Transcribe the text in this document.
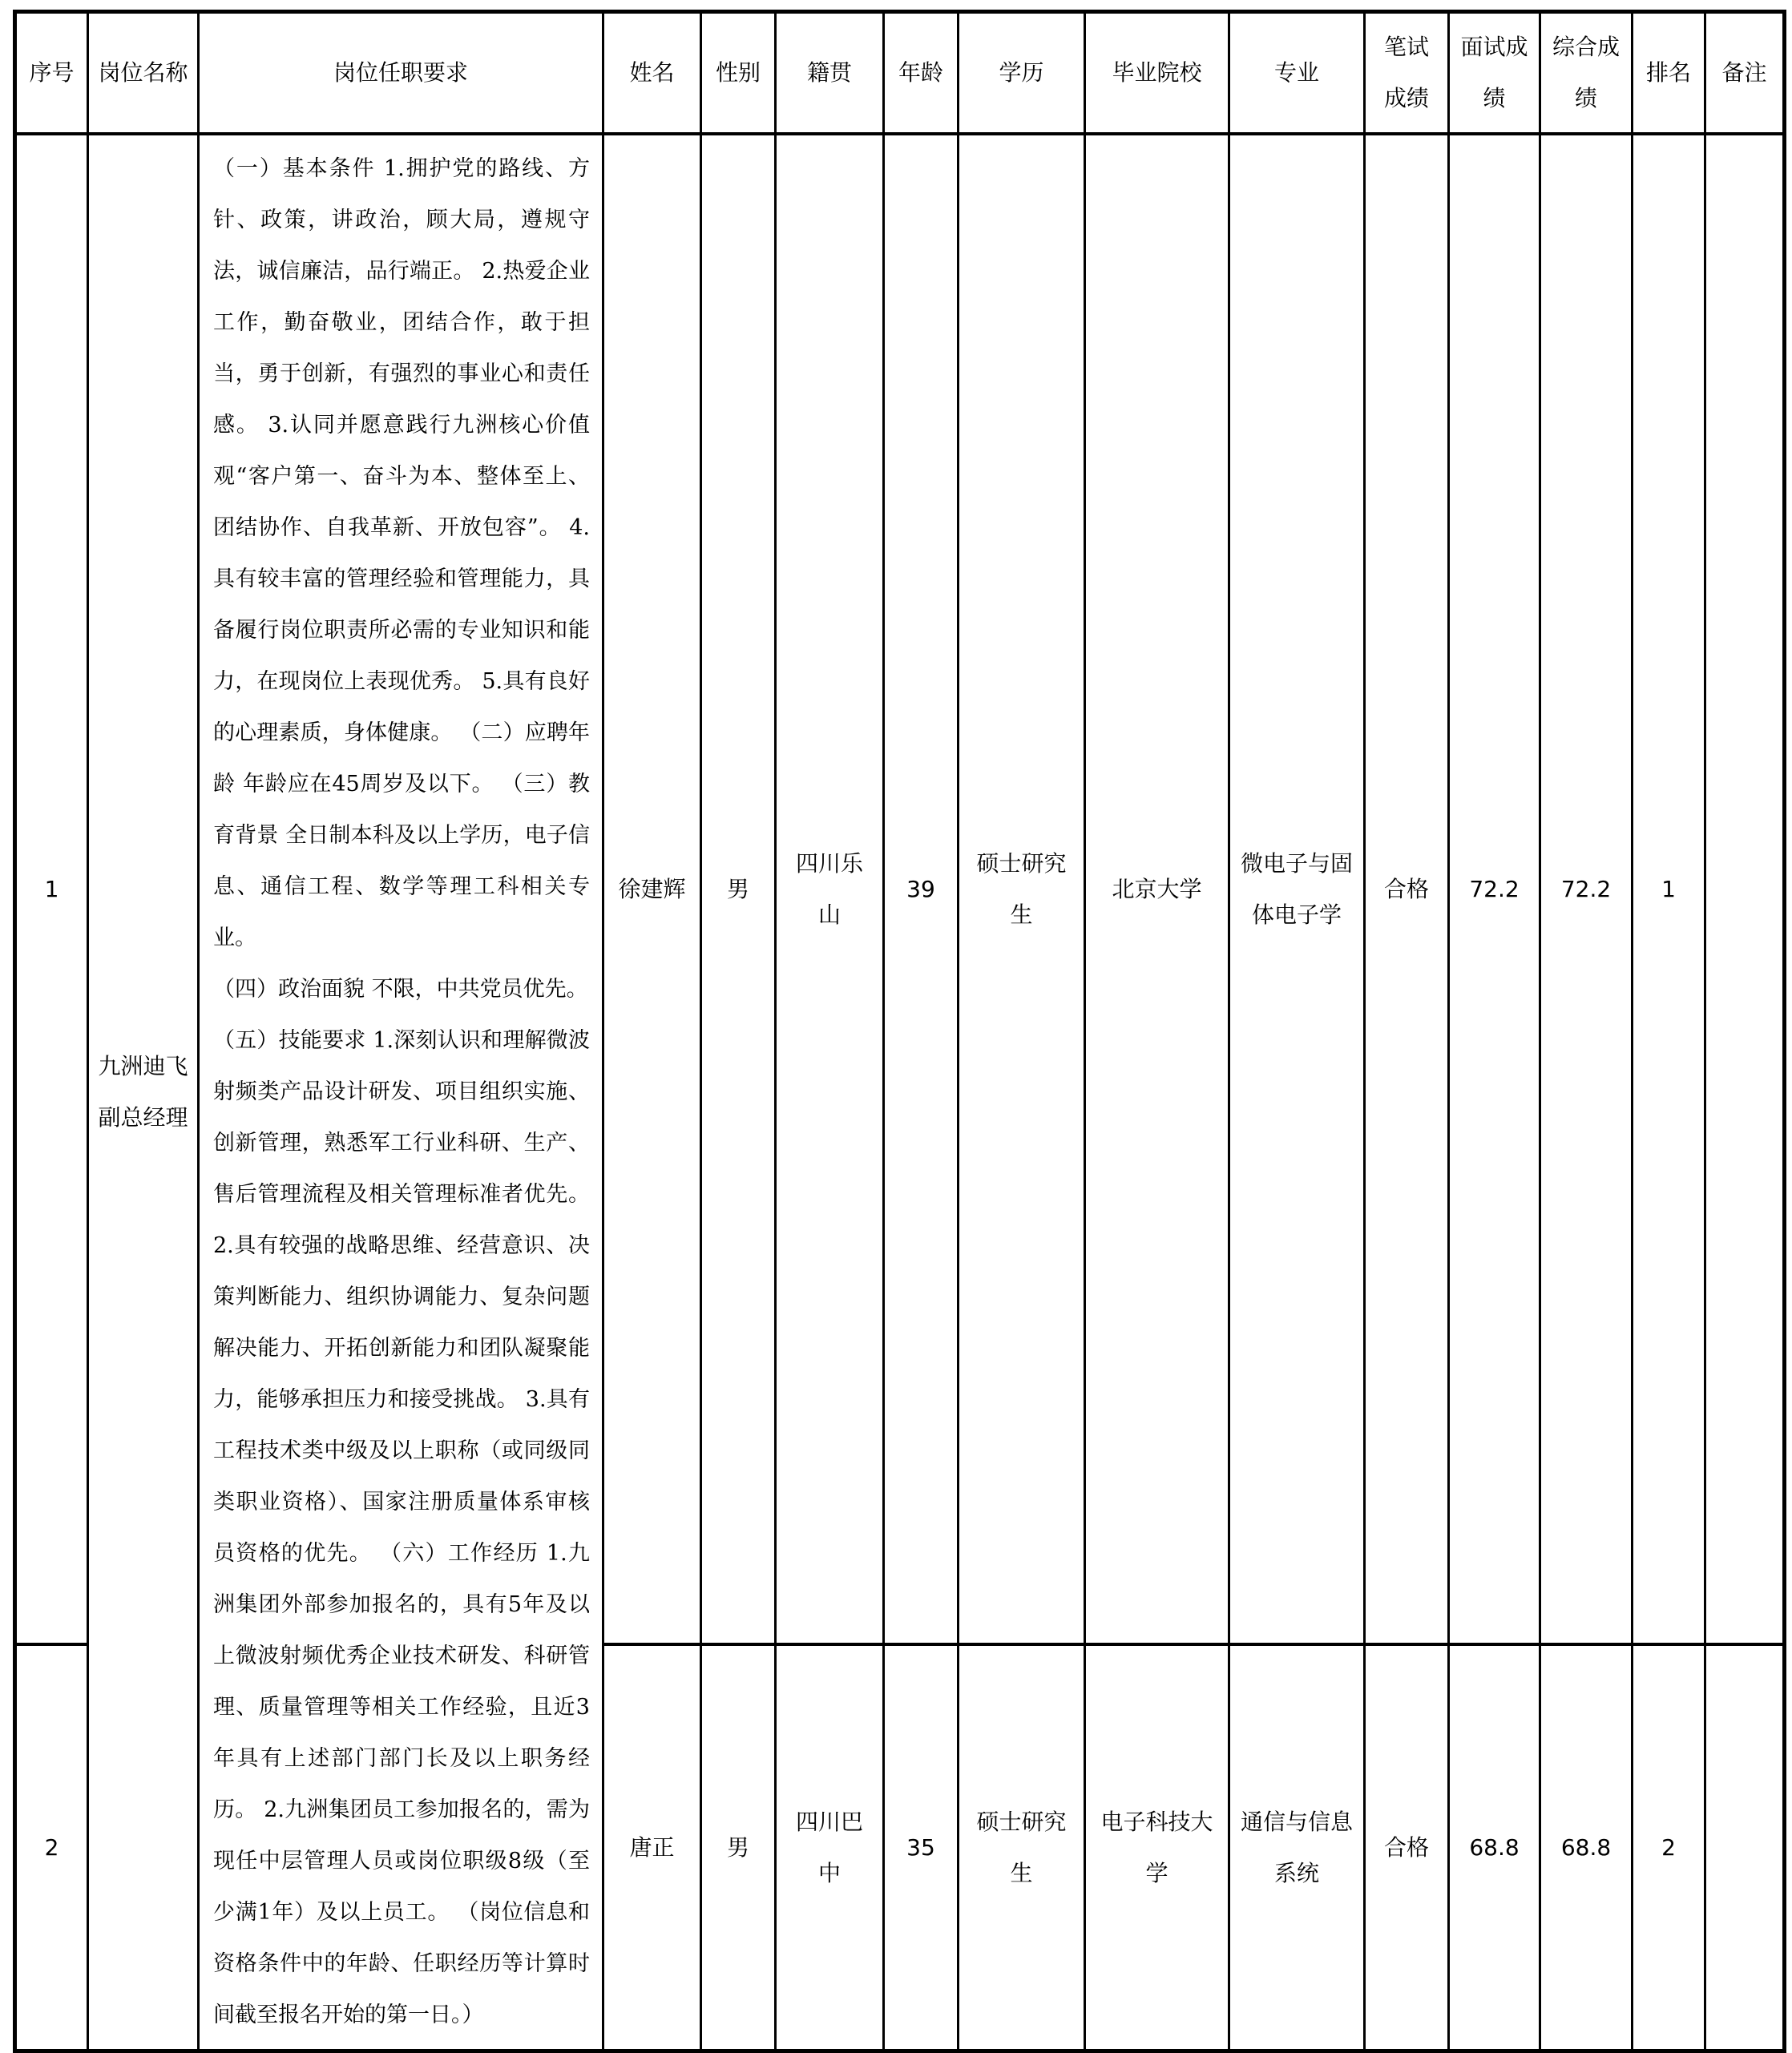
序号	岗位名称	岗位任职要求	姓名	性别	籍贯	年龄	学历	毕业院校	专业	笔试成绩	面试成绩	综合成绩	排名	备注
1	九洲迪飞副总经理	（一）基本条件 1.拥护党的路线、方针、政策，讲政治，顾大局，遵规守法，诚信廉洁，品行端正。 2.热爱企业工作，勤奋敬业，团结合作，敢于担当，勇于创新，有强烈的事业心和责任感。 3.认同并愿意践行九洲核心价值观“客户第一、奋斗为本、整体至上、团结协作、自我革新、开放包容”。 4.具有较丰富的管理经验和管理能力，具备履行岗位职责所必需的专业知识和能力，在现岗位上表现优秀。 5.具有良好的心理素质，身体健康。 （二）应聘年龄 年龄应在45周岁及以下。 （三）教育背景 全日制本科及以上学历，电子信息、通信工程、数学等理工科相关专业。

（四）政治面貌 不限，中共党员优先。

（五）技能要求 1.深刻认识和理解微波射频类产品设计研发、项目组织实施、创新管理，熟悉军工行业科研、生产、售后管理流程及相关管理标准者优先。 2.具有较强的战略思维、经营意识、决策判断能力、组织协调能力、复杂问题解决能力、开拓创新能力和团队凝聚能力，能够承担压力和接受挑战。 3.具有工程技术类中级及以上职称（或同级同类职业资格）、国家注册质量体系审核员资格的优先。 （六）工作经历 1.九洲集团外部参加报名的，具有5年及以上微波射频优秀企业技术研发、科研管理、质量管理等相关工作经验，且近3年具有上述部门部门长及以上职务经历。 2.九洲集团员工参加报名的，需为现任中层管理人员或岗位职级8级（至少满1年）及以上员工。 （岗位信息和资格条件中的年龄、任职经历等计算时间截至报名开始的第一日。）	徐建辉	男	四川乐山	39	硕士研究生	北京大学	微电子与固体电子学	合格	72.2	72.2	1	
2			唐正	男	四川巴中	35	硕士研究生	电子科技大学	通信与信息系统	合格	68.8	68.8	2	
